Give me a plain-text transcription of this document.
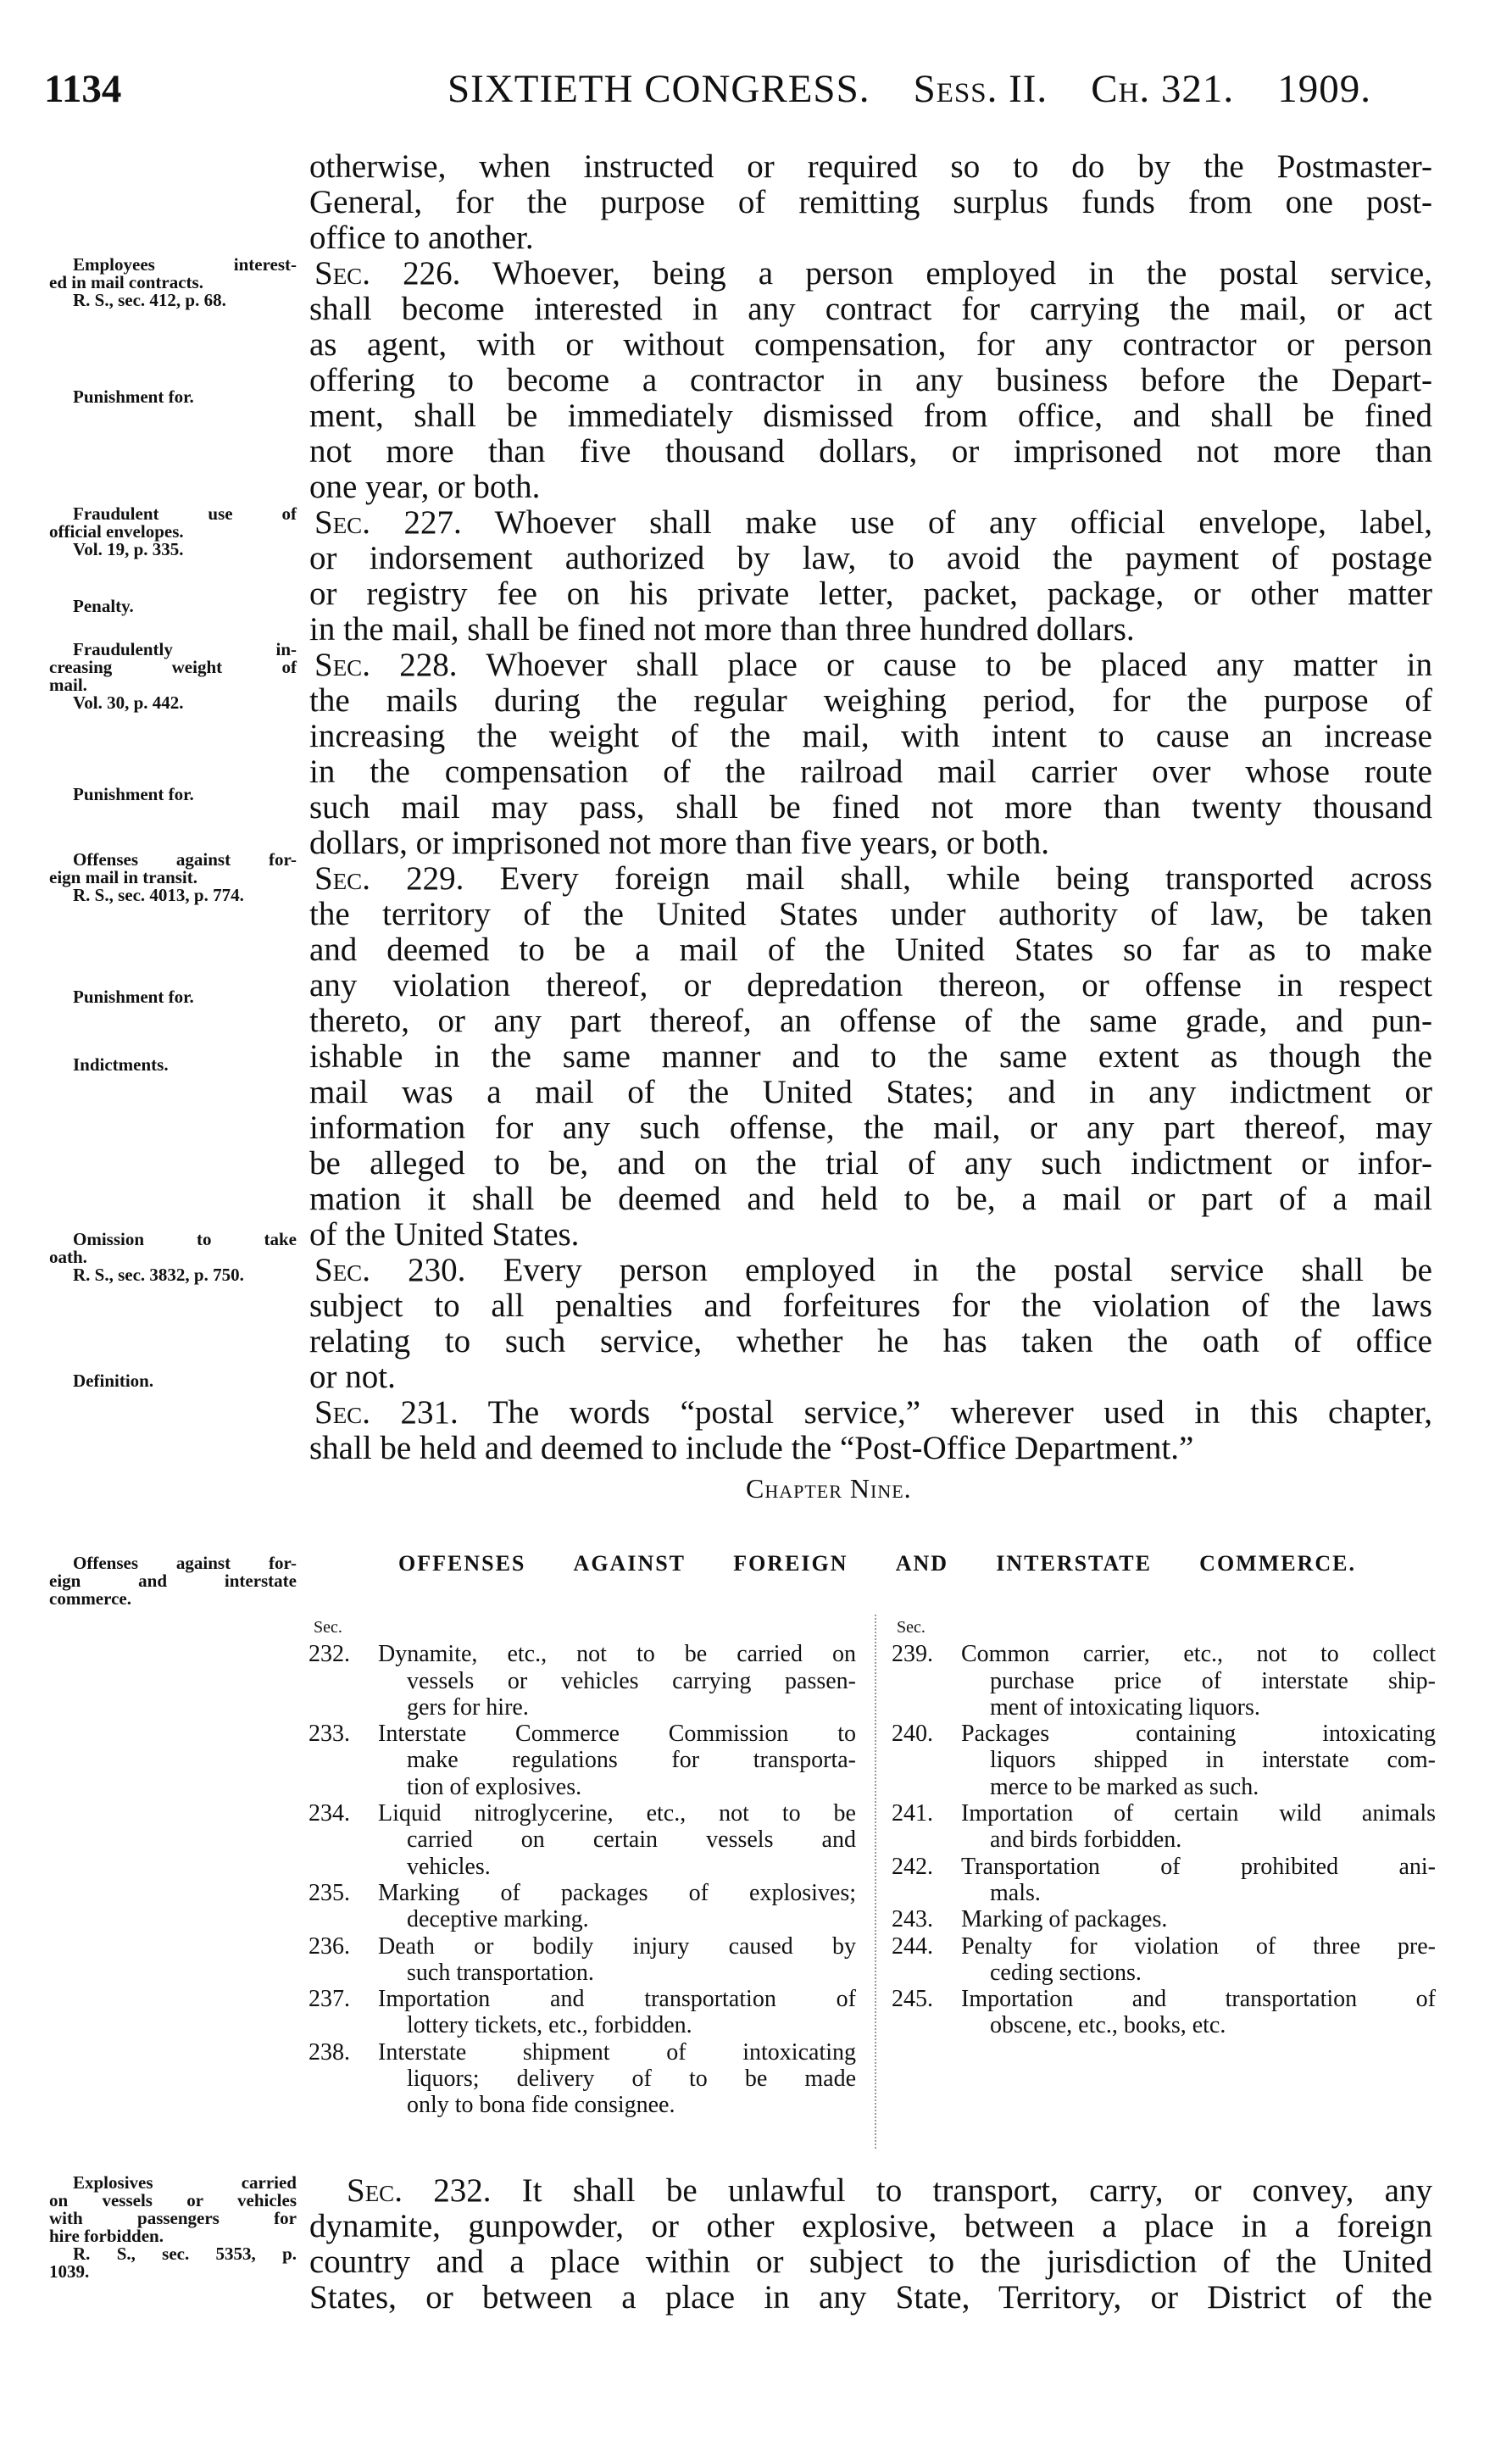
1134	SIXTIETH CONGRESS. Sess. II. Ch. 321. 1909.
otherwise, when instructed or required so to do by the Postmaster-
General, for the purpose of remitting surplus funds from one post-
office to another.
Sec. 226. Whoever, being a person employed in the postal service,
shall become interested in any contract for carrying the mail, or act
as agent, with or without compensation, for any contractor or person
offering to become a contractor in any business before the Depart-
ment, shall be immediately dismissed from office, and shall be fined
not more than five thousand dollars, or imprisoned not more than
one year, or both.
Sec. 227. Whoever shall make use of any official envelope, label,
or indorsement authorized by law, to avoid the payment of postage
or registry fee on his private letter, packet, package, or other matter
in the mail, shall be fined not more than three hundred dollars.
Sec. 228. Whoever shall place or cause to be placed any matter in
the mails during the regular weighing period, for the purpose of
increasing the weight of the mail, with intent to cause an increase
in the compensation of the railroad mail carrier over whose route
such mail may pass, shall be fined not more than twenty thousand
dollars, or imprisoned not more than five years, or both.
Sec. 229. Every foreign mail shall, while being transported across
the territory of the United States under authority of law, be taken
and deemed to be a mail of the United States so far as to make
any violation thereof, or depredation thereon, or offense in respect
thereto, or any part thereof, an offense of the same grade, and pun-
ishable in the same manner and to the same extent as though the
mail was a mail of the United States; and in any indictment or
information for any such offense, the mail, or any part thereof, may
be alleged to be, and on the trial of any such indictment or infor-
mation it shall be deemed and held to be, a mail or part of a mail
of the United States.
Sec. 230. Every person employed in the postal service shall be
subject to all penalties and forfeitures for the violation of the laws
relating to such service, whether he has taken the oath of office
or not.
Sec. 231. The words “postal service,” wherever used in this chapter,
shall be held and deemed to include the “Post-Office Department.”
Employees interest-
ed in mail contracts.
R. S., sec. 412, p. 68.
Punishment for.
Fraudulent use of
official envelopes.
Vol. 19, p. 335.
Penalty.
Fraudulently in-
creasing weight of
mail.
Vol. 30, p. 442.
Punishment for.
Offenses against for-
eign mail in transit.
R. S., sec. 4013, p. 774.
Punishment for.
Indictments.
Omission to take
oath.
R. S., sec. 3832, p. 750.
Definition.
Offenses against for-
eign and interstate
commerce.
Explosives carried
on vessels or vehicles
with passengers for
hire forbidden.
R. S., sec. 5353, p.
1039.
Chapter Nine.
OFFENSES AGAINST FOREIGN AND INTERSTATE COMMERCE.
Sec.
232.	Dynamite, etc., not to be carried on
vessels or vehicles carrying passen-
gers for hire.
233.	Interstate Commerce Commission to
make regulations for transporta-
tion of explosives.
234.	Liquid nitroglycerine, etc., not to be
carried on certain vessels and
vehicles.
235.	Marking of packages of explosives;
deceptive marking.
236.	Death or bodily injury caused by
such transportation.
237.	Importation and transportation of
lottery tickets, etc., forbidden.
238.	Interstate shipment of intoxicating
liquors; delivery of to be made
only to bona fide consignee.
Sec.
239.	Common carrier, etc., not to collect
purchase price of interstate ship-
ment of intoxicating liquors.
240.	Packages containing intoxicating
liquors shipped in interstate com-
merce to be marked as such.
241.	Importation of certain wild animals
and birds forbidden.
242.	Transportation of prohibited ani-
mals.
243.	Marking of packages.
244.	Penalty for violation of three pre-
ceding sections.
245.	Importation and transportation of
obscene, etc., books, etc.
Sec. 232. It shall be unlawful to transport, carry, or convey, any
dynamite, gunpowder, or other explosive, between a place in a foreign
country and a place within or subject to the jurisdiction of the United
States, or between a place in any State, Territory, or District of the
